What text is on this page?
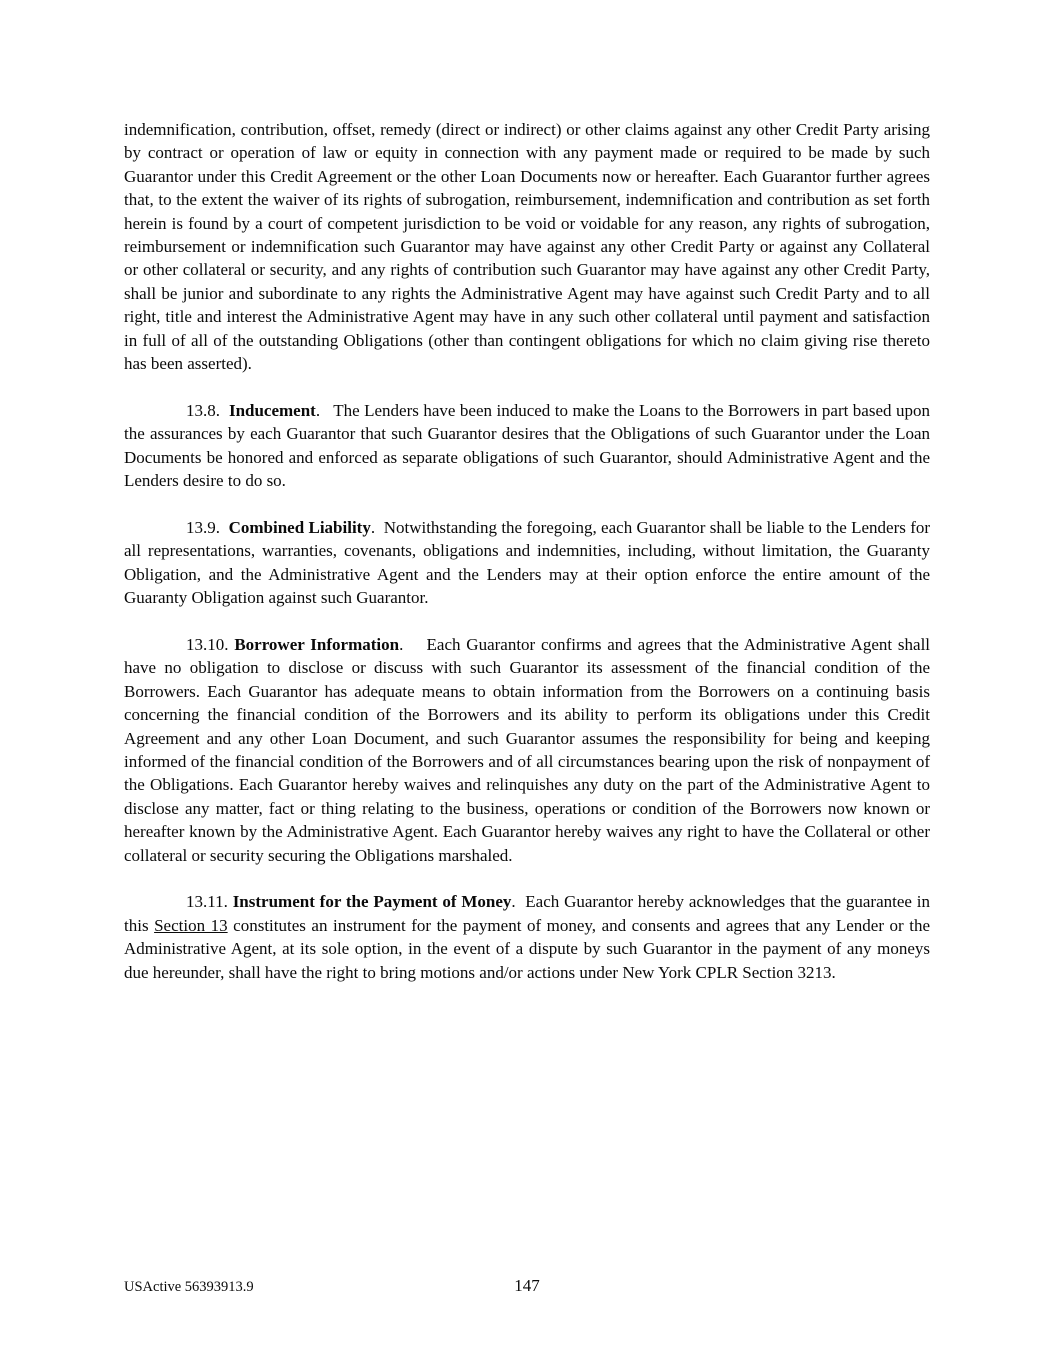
indemnification, contribution, offset, remedy (direct or indirect) or other claims against any other Credit Party arising by contract or operation of law or equity in connection with any payment made or required to be made by such Guarantor under this Credit Agreement or the other Loan Documents now or hereafter. Each Guarantor further agrees that, to the extent the waiver of its rights of subrogation, reimbursement, indemnification and contribution as set forth herein is found by a court of competent jurisdiction to be void or voidable for any reason, any rights of subrogation, reimbursement or indemnification such Guarantor may have against any other Credit Party or against any Collateral or other collateral or security, and any rights of contribution such Guarantor may have against any other Credit Party, shall be junior and subordinate to any rights the Administrative Agent may have against such Credit Party and to all right, title and interest the Administrative Agent may have in any such other collateral until payment and satisfaction in full of all of the outstanding Obligations (other than contingent obligations for which no claim giving rise thereto has been asserted).

13.8.  Inducement.   The Lenders have been induced to make the Loans to the Borrowers in part based upon the assurances by each Guarantor that such Guarantor desires that the Obligations of such Guarantor under the Loan Documents be honored and enforced as separate obligations of such Guarantor, should Administrative Agent and the Lenders desire to do so.

13.9.  Combined Liability.  Notwithstanding the foregoing, each Guarantor shall be liable to the Lenders for all representations, warranties, covenants, obligations and indemnities, including, without limitation, the Guaranty Obligation, and the Administrative Agent and the Lenders may at their option enforce the entire amount of the Guaranty Obligation against such Guarantor.

13.10. Borrower Information.    Each Guarantor confirms and agrees that the Administrative Agent shall have no obligation to disclose or discuss with such Guarantor its assessment of the financial condition of the Borrowers. Each Guarantor has adequate means to obtain information from the Borrowers on a continuing basis concerning the financial condition of the Borrowers and its ability to perform its obligations under this Credit Agreement and any other Loan Document, and such Guarantor assumes the responsibility for being and keeping informed of the financial condition of the Borrowers and of all circumstances bearing upon the risk of nonpayment of the Obligations. Each Guarantor hereby waives and relinquishes any duty on the part of the Administrative Agent to disclose any matter, fact or thing relating to the business, operations or condition of the Borrowers now known or hereafter known by the Administrative Agent. Each Guarantor hereby waives any right to have the Collateral or other collateral or security securing the Obligations marshaled.

13.11. Instrument for the Payment of Money.  Each Guarantor hereby acknowledges that the guarantee in this Section 13 constitutes an instrument for the payment of money, and consents and agrees that any Lender or the Administrative Agent, at its sole option, in the event of a dispute by such Guarantor in the payment of any moneys due hereunder, shall have the right to bring motions and/or actions under New York CPLR Section 3213.

USActive 56393913.9	147
